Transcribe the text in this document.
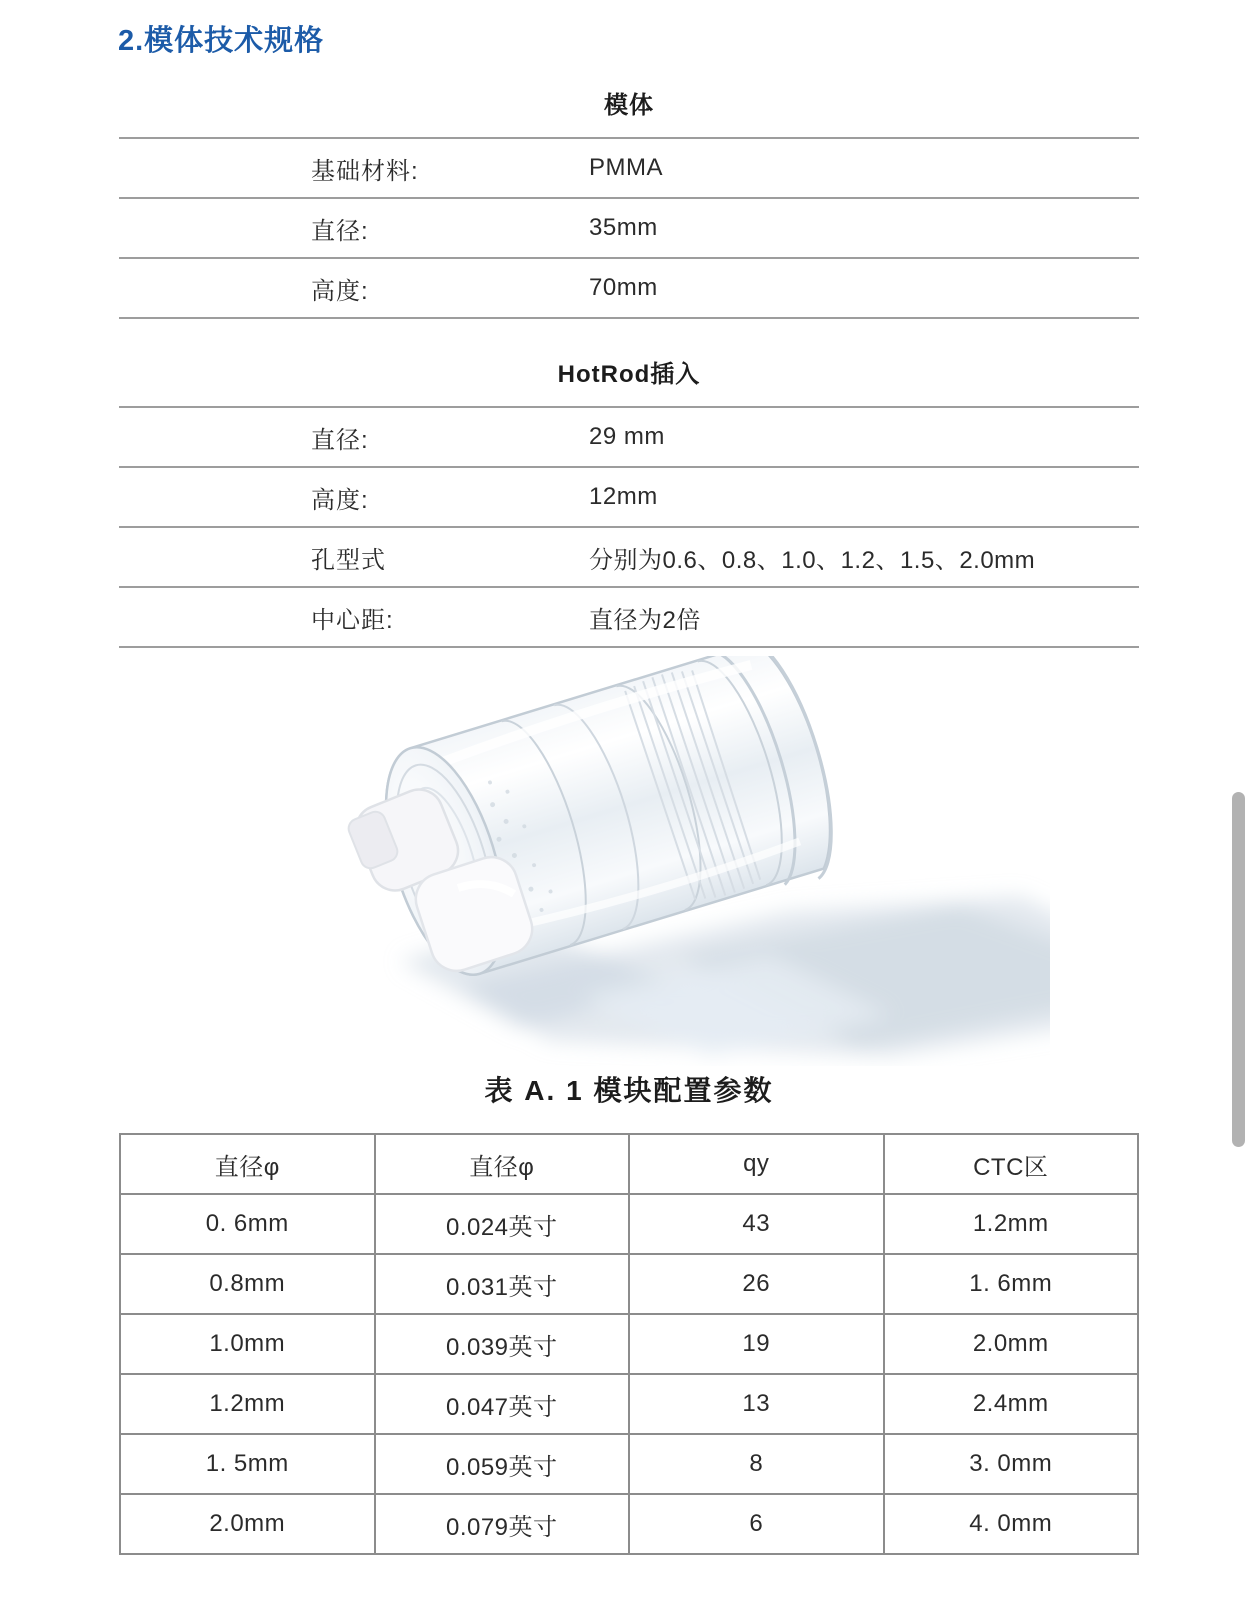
2.模体技术规格
模体
基础材料:	PMMA
直径:	35mm
高度:	70mm
HotRod插入
直径:	29 mm
高度:	12mm
孔型式	分别为0.6、0.8、1.0、1.2、1.5、2.0mm
中心距:	直径为2倍
表 A. 1 模块配置参数
直径φ	直径φ	qy	CTC区
0. 6mm	0.024英寸	43	1.2mm
0.8mm	0.031英寸	26	1. 6mm
1.0mm	0.039英寸	19	2.0mm
1.2mm	0.047英寸	13	2.4mm
1. 5mm	0.059英寸	8	3. 0mm
2.0mm	0.079英寸	6	4. 0mm
